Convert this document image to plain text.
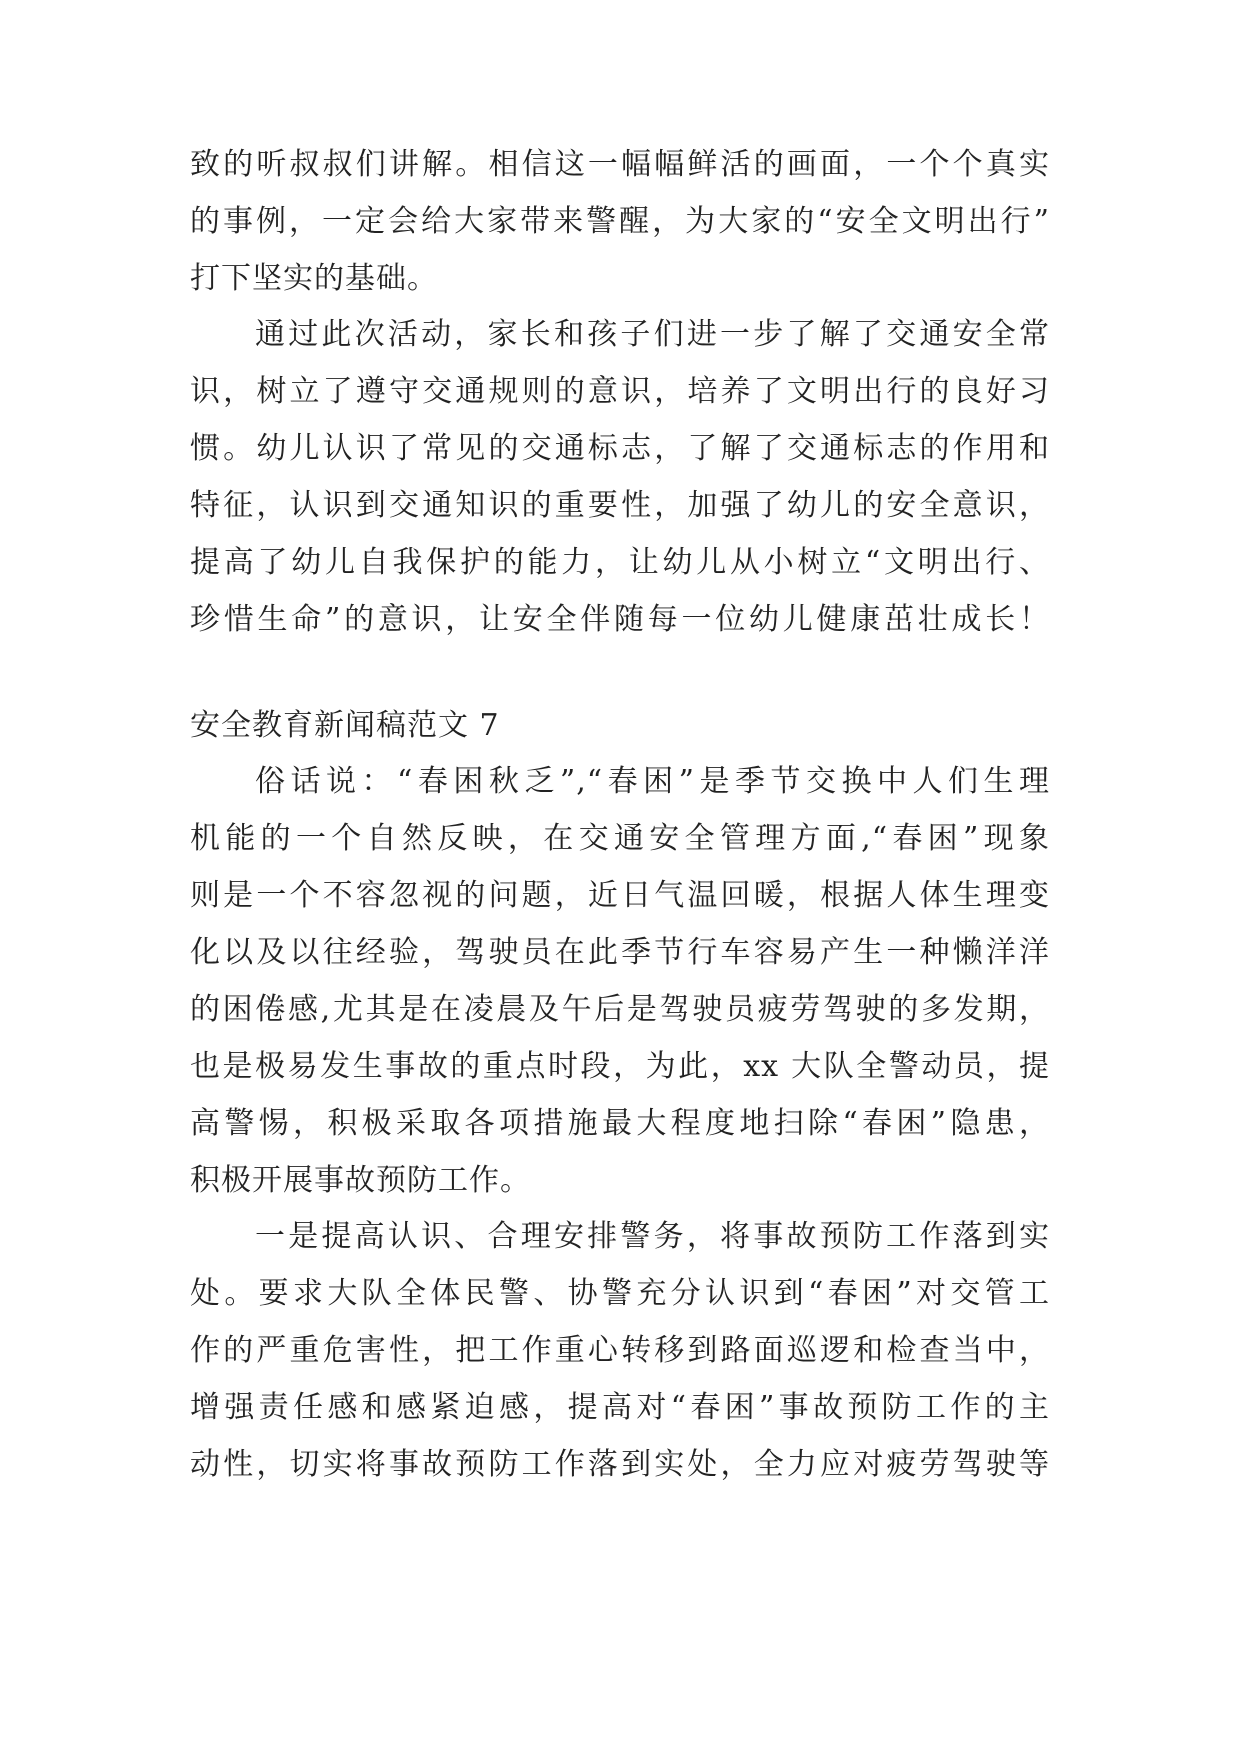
致的听叔叔们讲解。相信这一幅幅鲜活的画面，一个个真实
的事例，一定会给大家带来警醒，为大家的“安全文明出行”
打下坚实的基础。
通过此次活动，家长和孩子们进一步了解了交通安全常
识，树立了遵守交通规则的意识，培养了文明出行的良好习
惯。幼儿认识了常见的交通标志，了解了交通标志的作用和
特征，认识到交通知识的重要性，加强了幼儿的安全意识，
提高了幼儿自我保护的能力，让幼儿从小树立“文明出行、
珍惜生命”的意识，让安全伴随每一位幼儿健康茁壮成长！
安全教育新闻稿范文 7
俗话说：“春困秋乏”,“春困”是季节交换中人们生理
机能的一个自然反映，在交通安全管理方面,“春困”现象
则是一个不容忽视的问题，近日气温回暖，根据人体生理变
化以及以往经验，驾驶员在此季节行车容易产生一种懒洋洋
的困倦感,尤其是在凌晨及午后是驾驶员疲劳驾驶的多发期，
也是极易发生事故的重点时段，为此，xx 大队全警动员，提
高警惕，积极采取各项措施最大程度地扫除“春困”隐患，
积极开展事故预防工作。
一是提高认识、合理安排警务，将事故预防工作落到实
处。要求大队全体民警、协警充分认识到“春困”对交管工
作的严重危害性，把工作重心转移到路面巡逻和检查当中，
增强责任感和感紧迫感，提高对“春困”事故预防工作的主
动性，切实将事故预防工作落到实处，全力应对疲劳驾驶等
